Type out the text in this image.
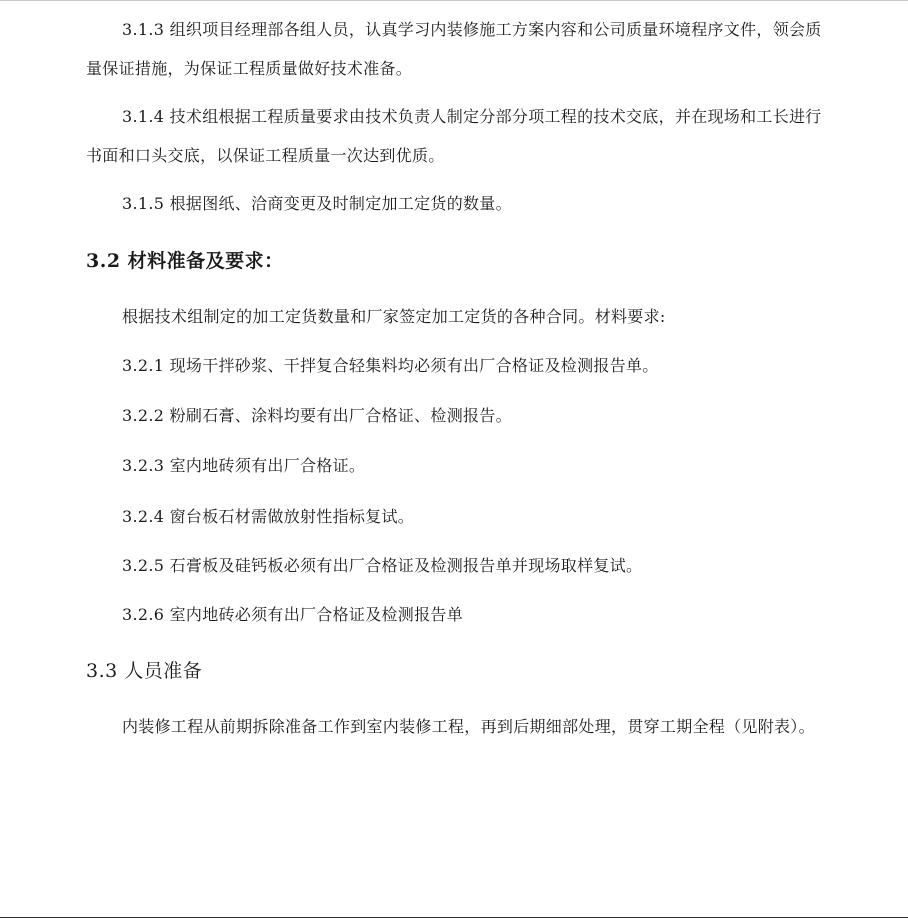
3.1.3 组织项目经理部各组人员，认真学习内装修施工方案内容和公司质量环境程序文件，领会质量保证措施，为保证工程质量做好技术准备。
3.1.4 技术组根据工程质量要求由技术负责人制定分部分项工程的技术交底，并在现场和工长进行书面和口头交底，以保证工程质量一次达到优质。
3.1.5 根据图纸、洽商变更及时制定加工定货的数量。
3.2 材料准备及要求：
根据技术组制定的加工定货数量和厂家签定加工定货的各种合同。材料要求:
3.2.1 现场干拌砂浆、干拌复合轻集料均必须有出厂合格证及检测报告单。
3.2.2 粉刷石膏、涂料均要有出厂合格证、检测报告。
3.2.3 室内地砖须有出厂合格证。
3.2.4 窗台板石材需做放射性指标复试。
3.2.5 石膏板及硅钙板必须有出厂合格证及检测报告单并现场取样复试。
3.2.6 室内地砖必须有出厂合格证及检测报告单
3.3 人员准备
内装修工程从前期拆除准备工作到室内装修工程，再到后期细部处理，贯穿工期全程（见附表）。
